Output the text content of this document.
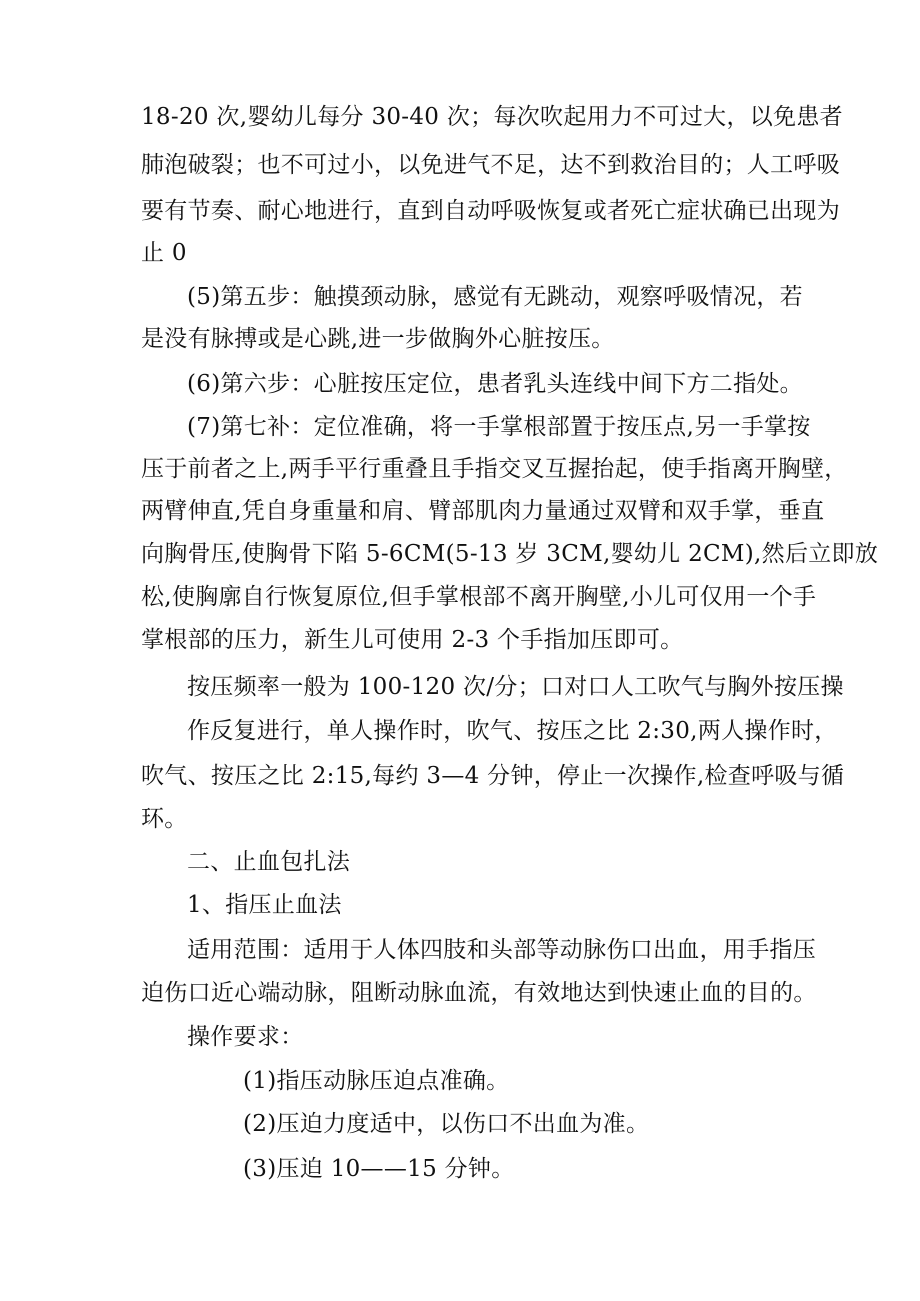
18-20 次,婴幼儿每分 30-40 次；每次吹起用力不可过大，以免患者
肺泡破裂；也不可过小，以免进气不足，达不到救治目的；人工呼吸
要有节奏、耐心地进行，直到自动呼吸恢复或者死亡症状确已出现为
止 0
(5)第五步：触摸颈动脉，感觉有无跳动，观察呼吸情况，若
是没有脉搏或是心跳,进一步做胸外心脏按压。
(6)第六步：心脏按压定位，患者乳头连线中间下方二指处。
(7)第七补：定位准确，将一手掌根部置于按压点,另一手掌按
压于前者之上,两手平行重叠且手指交叉互握抬起，使手指离开胸壁，
两臂伸直,凭自身重量和肩、臂部肌肉力量通过双臂和双手掌，垂直
向胸骨压,使胸骨下陷 5-6CM(5-13 岁 3CM,婴幼儿 2CM),然后立即放
松,使胸廓自行恢复原位,但手掌根部不离开胸壁,小儿可仅用一个手
掌根部的压力，新生儿可使用 2-3 个手指加压即可。
按压频率一般为 100-120 次/分；口对口人工吹气与胸外按压操
作反复进行，单人操作时，吹气、按压之比 2:30,两人操作时，
吹气、按压之比 2:15,每约 3—4 分钟，停止一次操作,检查呼吸与循
环。
二、止血包扎法
1、指压止血法
适用范围：适用于人体四肢和头部等动脉伤口出血，用手指压
迫伤口近心端动脉，阻断动脉血流，有效地达到快速止血的目的。
操作要求：
(1)指压动脉压迫点准确。
(2)压迫力度适中，以伤口不出血为准。
(3)压迫 10——15 分钟。
